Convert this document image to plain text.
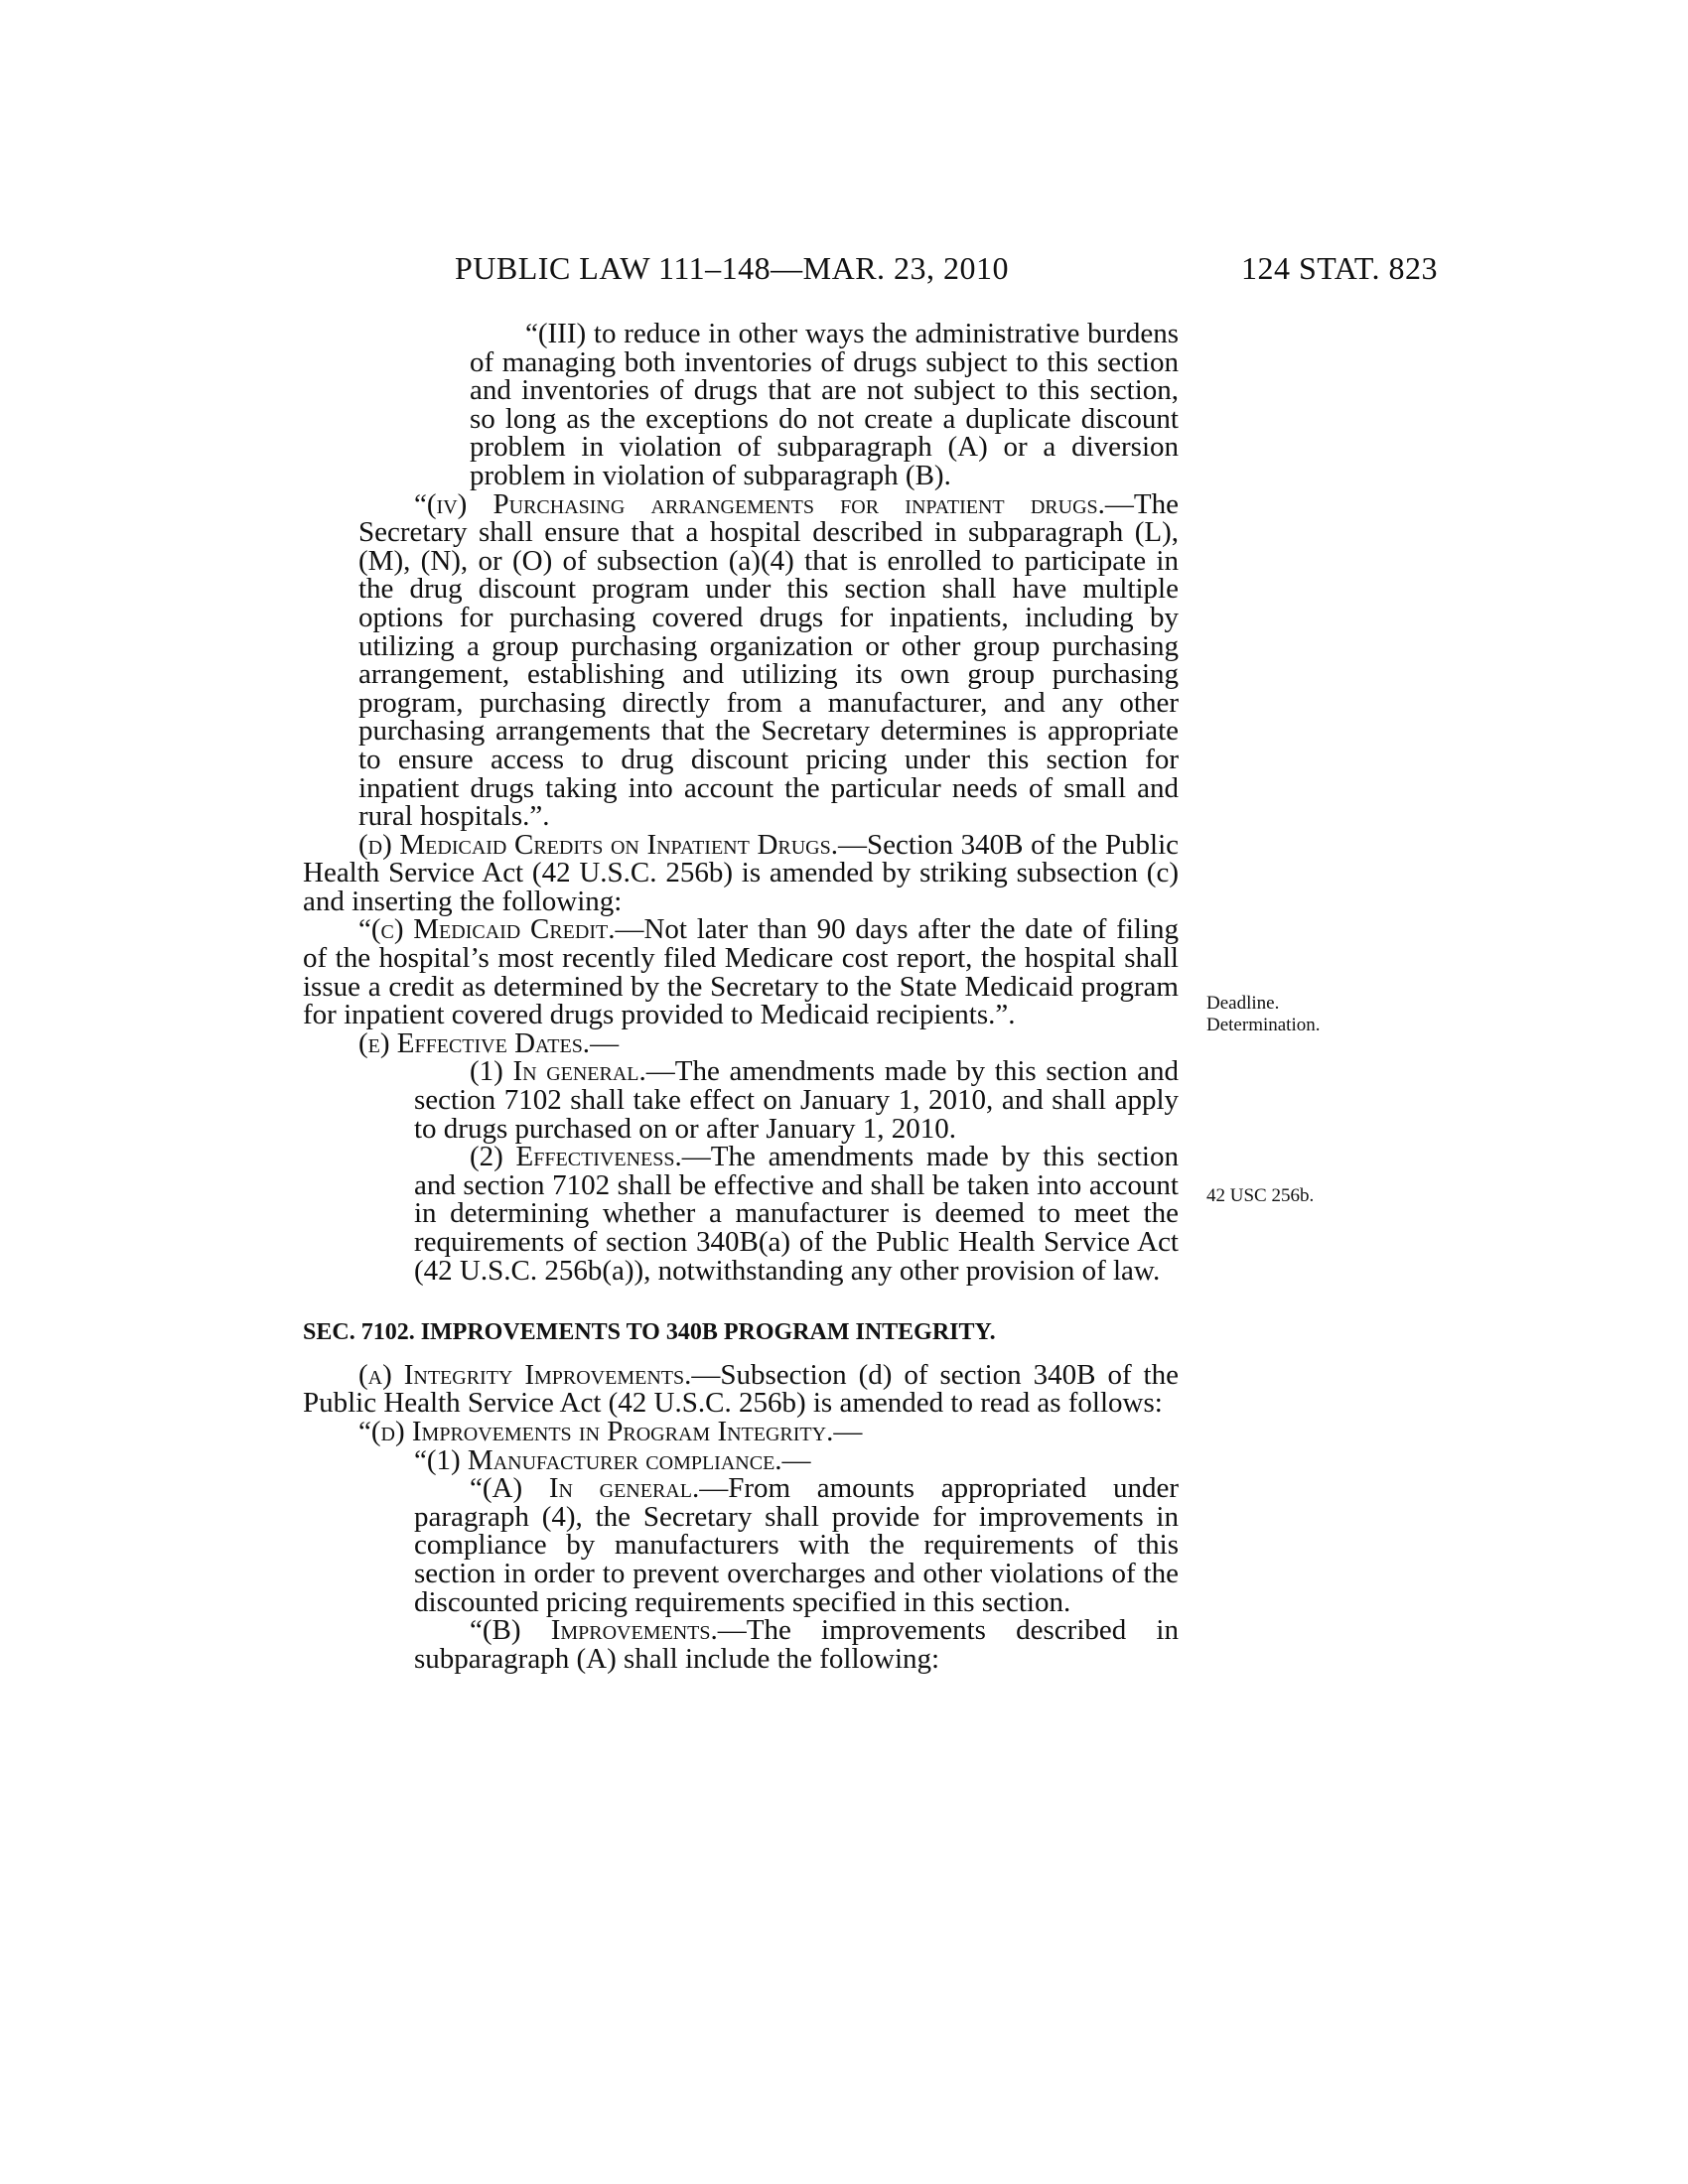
PUBLIC LAW 111–148—MAR. 23, 2010	124 STAT. 823

“(III) to reduce in other ways the administrative burdens of managing both inventories of drugs subject to this section and inventories of drugs that are not subject to this section, so long as the exceptions do not create a duplicate discount problem in violation of subparagraph (A) or a diversion problem in violation of subparagraph (B).

“(iv) Purchasing arrangements for inpatient drugs.—The Secretary shall ensure that a hospital described in subparagraph (L), (M), (N), or (O) of subsection (a)(4) that is enrolled to participate in the drug discount program under this section shall have multiple options for purchasing covered drugs for inpatients, including by utilizing a group purchasing organization or other group purchasing arrangement, establishing and utilizing its own group purchasing program, purchasing directly from a manufacturer, and any other purchasing arrangements that the Secretary determines is appropriate to ensure access to drug discount pricing under this section for inpatient drugs taking into account the particular needs of small and rural hospitals.”.

(d) Medicaid Credits on Inpatient Drugs.—Section 340B of the Public Health Service Act (42 U.S.C. 256b) is amended by striking subsection (c) and inserting the following:

“(c) Medicaid Credit.—Not later than 90 days after the date of filing of the hospital’s most recently filed Medicare cost report, the hospital shall issue a credit as determined by the Secretary to the State Medicaid program for inpatient covered drugs provided to Medicaid recipients.”.

(e) Effective Dates.—

(1) In general.—The amendments made by this section and section 7102 shall take effect on January 1, 2010, and shall apply to drugs purchased on or after January 1, 2010.

(2) Effectiveness.—The amendments made by this section and section 7102 shall be effective and shall be taken into account in determining whether a manufacturer is deemed to meet the requirements of section 340B(a) of the Public Health Service Act (42 U.S.C. 256b(a)), notwithstanding any other provision of law.

SEC. 7102. IMPROVEMENTS TO 340B PROGRAM INTEGRITY.

(a) Integrity Improvements.—Subsection (d) of section 340B of the Public Health Service Act (42 U.S.C. 256b) is amended to read as follows:

“(d) Improvements in Program Integrity.—

“(1) Manufacturer compliance.—

“(A) In general.—From amounts appropriated under paragraph (4), the Secretary shall provide for improvements in compliance by manufacturers with the requirements of this section in order to prevent overcharges and other violations of the discounted pricing requirements specified in this section.

“(B) Improvements.—The improvements described in subparagraph (A) shall include the following:

Deadline.
Determination.
42 USC 256b.
